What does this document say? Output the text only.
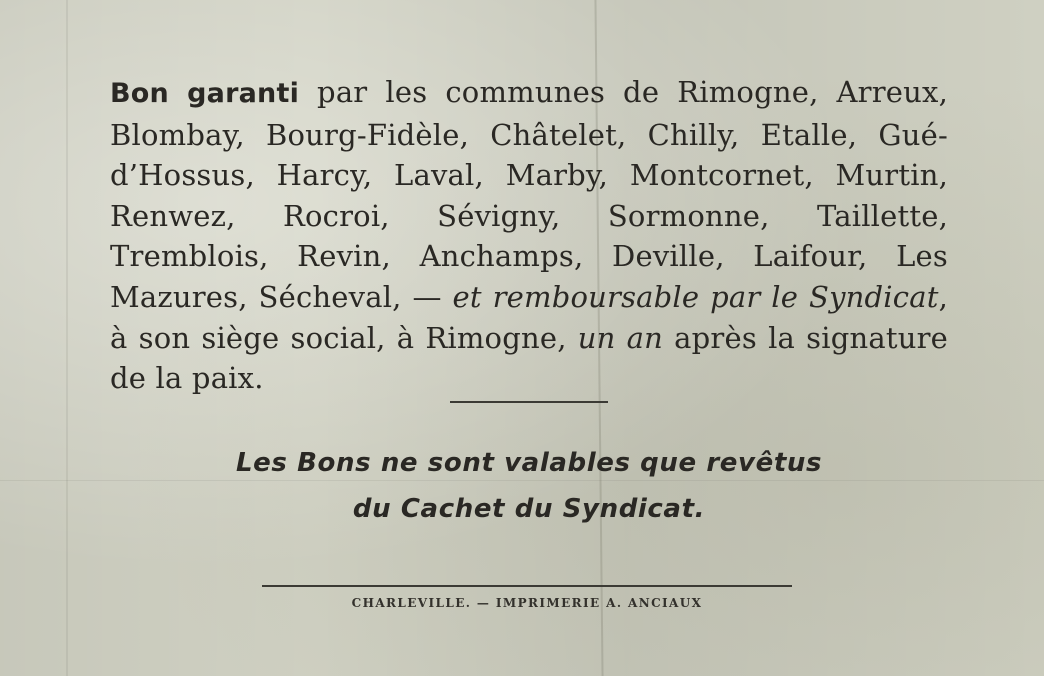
Bon garanti par les communes de Rimogne, Arreux, Blombay, Bourg-Fidèle, Châtelet, Chilly, Etalle, Gué-d’Hossus, Harcy, Laval, Marby, Montcornet, Murtin, Renwez, Rocroi, Sévigny, Sormonne, Taillette, Tremblois, Revin, Anchamps, Deville, Laifour, Les Mazures, Sécheval, — et remboursable par le Syndicat, à son siège social, à Rimogne, un an après la signature de la paix.

Les Bons ne sont valables que revêtus
du Cachet du Syndicat.
CHARLEVILLE. — IMPRIMERIE A. ANCIAUX
